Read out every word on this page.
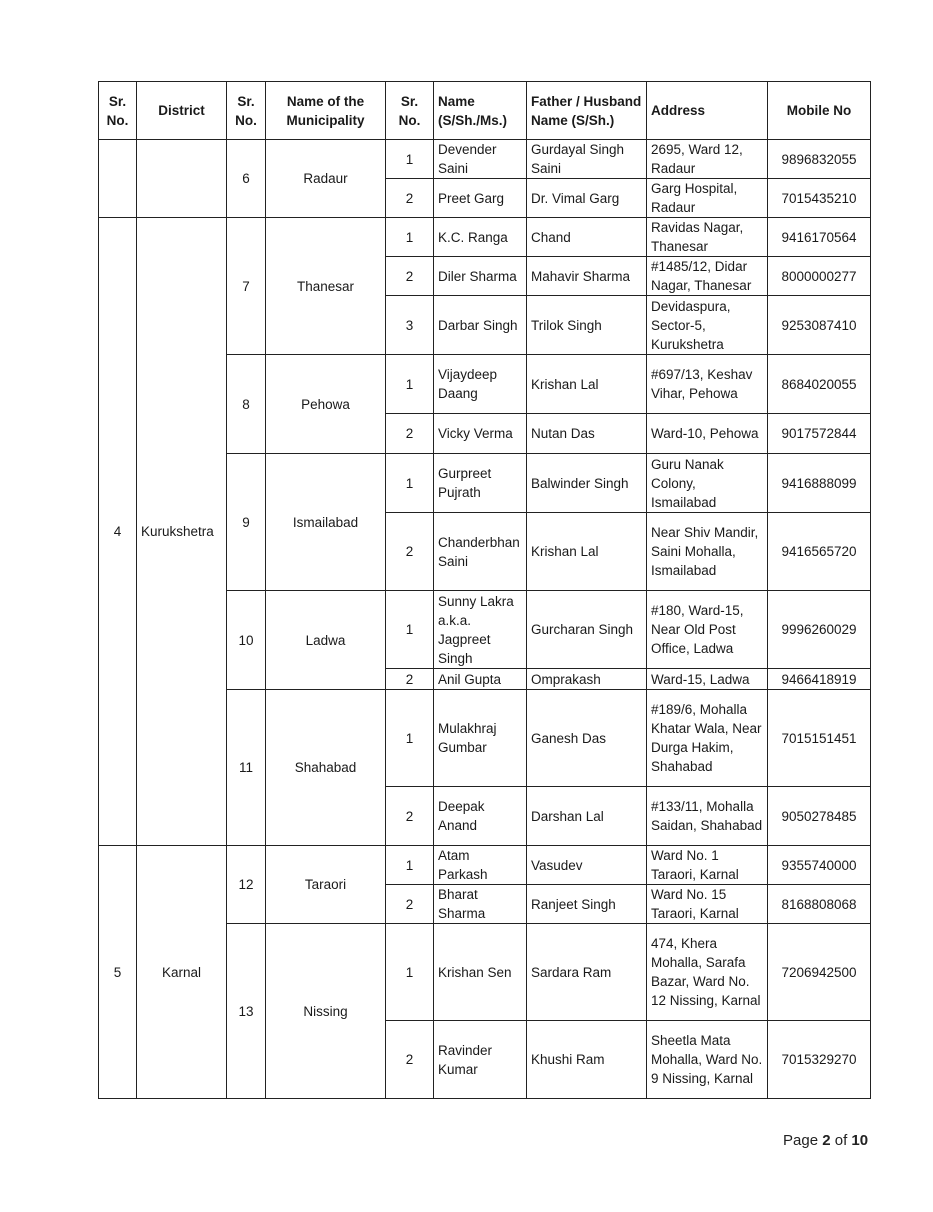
Sr. No.	District	Sr. No.	Name of the Municipality	Sr. No.	Name (S/Sh./Ms.)	Father / Husband Name (S/Sh.)	Address	Mobile No
		6	Radaur	1	Devender Saini	Gurdayal Singh Saini	2695, Ward 12, Radaur	9896832055
				2	Preet Garg	Dr. Vimal Garg	Garg Hospital, Radaur	7015435210
4	Kurukshetra	7	Thanesar	1	K.C. Ranga	Chand	Ravidas Nagar, Thanesar	9416170564
				2	Diler Sharma	Mahavir Sharma	#1485/12, Didar Nagar, Thanesar	8000000277
				3	Darbar Singh	Trilok Singh	Devidaspura, Sector-5, Kurukshetra	9253087410
		8	Pehowa	1	Vijaydeep Daang	Krishan Lal	#697/13, Keshav Vihar, Pehowa	8684020055
				2	Vicky Verma	Nutan Das	Ward-10, Pehowa	9017572844
		9	Ismailabad	1	Gurpreet Pujrath	Balwinder Singh	Guru Nanak Colony, Ismailabad	9416888099
				2	Chanderbhan Saini	Krishan Lal	Near Shiv Mandir, Saini Mohalla, Ismailabad	9416565720
		10	Ladwa	1	Sunny Lakra a.k.a. Jagpreet Singh	Gurcharan Singh	#180, Ward-15, Near Old Post Office, Ladwa	9996260029
				2	Anil Gupta	Omprakash	Ward-15, Ladwa	9466418919
		11	Shahabad	1	Mulakhraj Gumbar	Ganesh Das	#189/6, Mohalla Khatar Wala, Near Durga Hakim, Shahabad	7015151451
				2	Deepak Anand	Darshan Lal	#133/11, Mohalla Saidan, Shahabad	9050278485
5	Karnal	12	Taraori	1	Atam Parkash	Vasudev	Ward No. 1 Taraori, Karnal	9355740000
				2	Bharat Sharma	Ranjeet Singh	Ward No. 15 Taraori, Karnal	8168808068
		13	Nissing	1	Krishan Sen	Sardara Ram	474, Khera Mohalla, Sarafa Bazar, Ward No. 12 Nissing, Karnal	7206942500
				2	Ravinder Kumar	Khushi Ram	Sheetla Mata Mohalla, Ward No. 9 Nissing, Karnal	7015329270
Page 2 of 10
